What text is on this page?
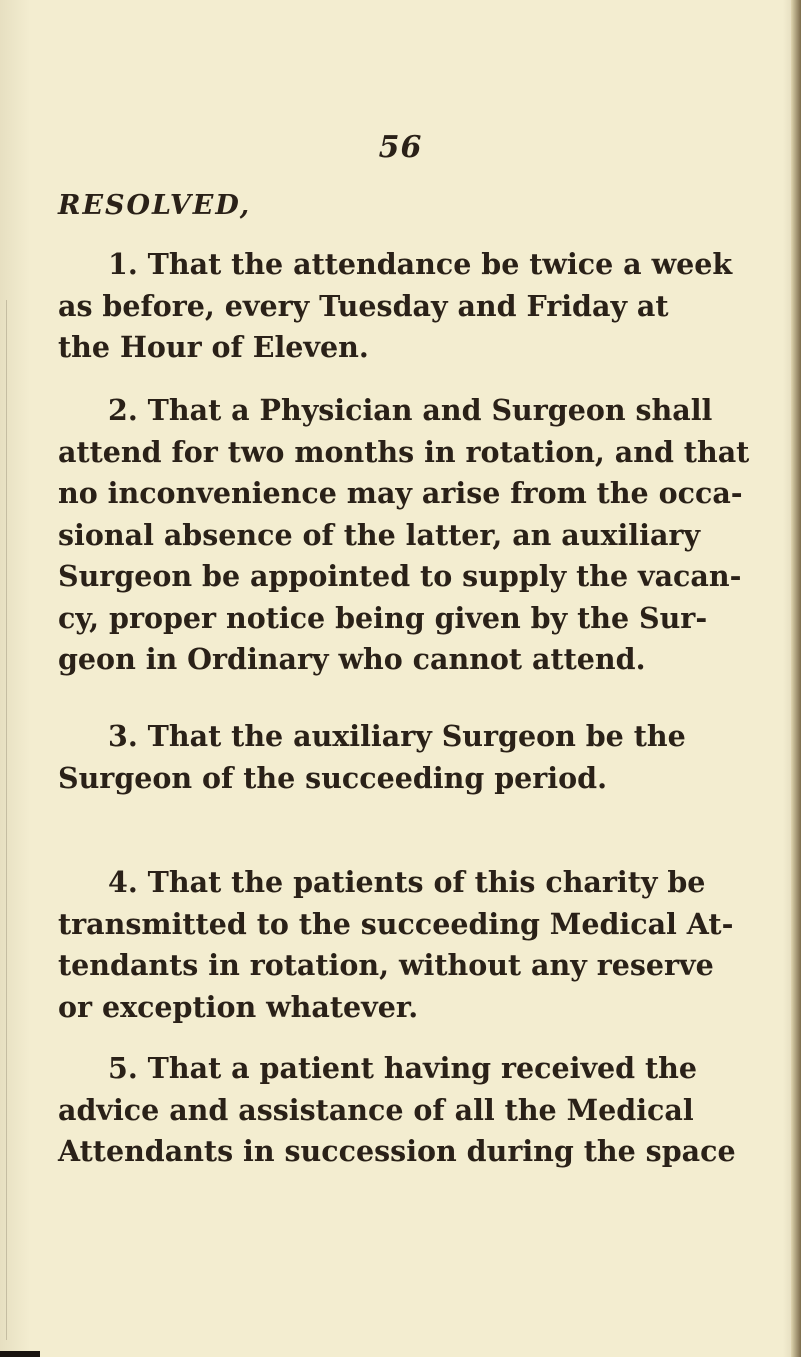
56
RESOLVED,
1. That the attendance be twice a week
as before, every Tuesday and Friday at
the Hour of Eleven.
2. That a Physician and Surgeon shall
attend for two months in rotation, and that
no inconvenience may arise from the occa-
sional absence of the latter, an auxiliary
Surgeon be appointed to supply the vacan-
cy, proper notice being given by the Sur-
geon in Ordinary who cannot attend.
3. That the auxiliary Surgeon be the
Surgeon of the succeeding period.
4. That the patients of this charity be
transmitted to the succeeding Medical At-
tendants in rotation, without any reserve
or exception whatever.
5. That a patient having received the
advice and assistance of all the Medical
Attendants in succession during the space
